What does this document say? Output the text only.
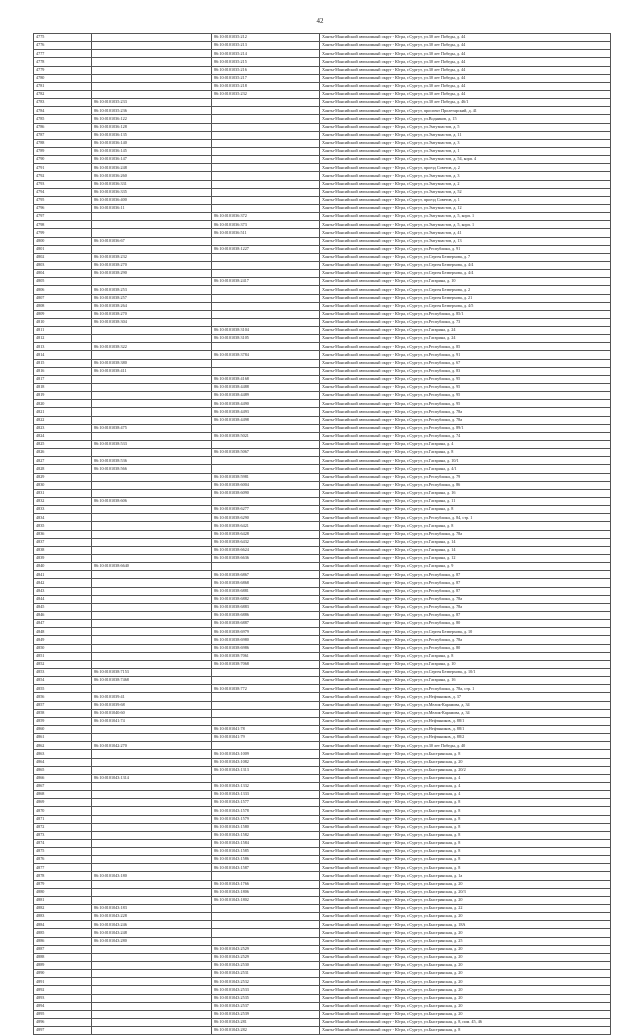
42
4775		86:10:0101035:212	Ханты-Мансийский автономный округ - Югра, г.Сургут, ул.30 лет Победы, д. 44
4776		86:10:0101035:213	Ханты-Мансийский автономный округ - Югра, г.Сургут, ул.30 лет Победы, д. 44
4777		86:10:0101035:214	Ханты-Мансийский автономный округ - Югра, г.Сургут, ул.30 лет Победы, д. 44
4778		86:10:0101035:215	Ханты-Мансийский автономный округ - Югра, г.Сургут, ул.30 лет Победы, д. 44
4779		86:10:0101035:216	Ханты-Мансийский автономный округ - Югра, г.Сургут, ул.30 лет Победы, д. 44
4780		86:10:0101035:217	Ханты-Мансийский автономный округ - Югра, г.Сургут, ул.30 лет Победы, д. 44
4781		86:10:0101035:218	Ханты-Мансийский автономный округ - Югра, г.Сургут, ул.30 лет Победы, д. 44
4782		86:10:0101035:232	Ханты-Мансийский автономный округ - Югра, г.Сургут, ул.30 лет Победы, д. 44
4783	86:10:0101035:233		Ханты-Мансийский автономный округ - Югра, г.Сургут, ул.30 лет Победы, д. 46/1
4784	86:10:0101035:236		Ханты-Мансийский автономный округ - Югра, г.Сургут, проспект Пролетарский, д. 41
4785	86:10:0101036:122		Ханты-Мансийский автономный округ - Югра, г.Сургут, ул.Водников, д. 15
4786	86:10:0101036:128		Ханты-Мансийский автономный округ - Югра, г.Сургут, ул.Энтузиастов, д. 5
4787	86:10:0101036:135		Ханты-Мансийский автономный округ - Югра, г.Сургут, ул.Энтузиастов, д. 11
4788	86:10:0101036:140		Ханты-Мансийский автономный округ - Югра, г.Сургут, ул.Энтузиастов, д. 3
4789	86:10:0101036:145		Ханты-Мансийский автономный округ - Югра, г.Сургут, ул.Энтузиастов, д. 1
4790	86:10:0101036:147		Ханты-Мансийский автономный округ - Югра, г.Сургут, ул.Энтузиастов, д. 54, корп. 4
4791	86:10:0101036:248		Ханты-Мансийский автономный округ - Югра, г.Сургут, проезд Советов, д. 2
4792	86:10:0101036:260		Ханты-Мансийский автономный округ - Югра, г.Сургут, ул.Энтузиастов, д. 3
4793	86:10:0101036:331		Ханты-Мансийский автономный округ - Югра, г.Сургут, ул.Энтузиастов, д. 2
4794	86:10:0101036:335		Ханты-Мансийский автономный округ - Югра, г.Сургут, ул.Энтузиастов, д. 52
4795	86:10:0101036:400		Ханты-Мансийский автономный округ - Югра, г.Сургут, проезд Советов, д. 1
4796	86:10:0101036:11		Ханты-Мансийский автономный округ - Югра, г.Сургут, ул.Энтузиастов, д. 12
4797		86:10:0101036:372	Ханты-Мансийский автономный округ - Югра, г.Сургут, ул.Энтузиастов, д. 5, корп. 1
4798		86:10:0101036:373	Ханты-Мансийский автономный округ - Югра, г.Сургут, ул.Энтузиастов, д. 5, корп. 1
4799		86:10:0101036:511	Ханты-Мансийский автономный округ - Югра, г.Сургут, ул.Энтузиастов, д. 41
4800	86:10:0101036:67		Ханты-Мансийский автономный округ - Югра, г.Сургут, ул.Энтузиастов, д. 13
4801		86:10:0101038:1227	Ханты-Мансийский автономный округ - Югра, г.Сургут, ул.Республики, д. 91
4802	86:10:0101038:232		Ханты-Мансийский автономный округ - Югра, г.Сургут, ул.Сергея Безверхова, д. 7
4803	86:10:0101038:270		Ханты-Мансийский автономный округ - Югра, г.Сургут, ул.Сергея Безверхова, д. 4/4
4804	86:10:0101038:290		Ханты-Мансийский автономный округ - Югра, г.Сургут, ул.Сергея Безверхова, д. 4/4
4805		86:10:0101038:2417	Ханты-Мансийский автономный округ - Югра, г.Сургут, ул.Гагарина, д. 10
4806	86:10:0101038:253		Ханты-Мансийский автономный округ - Югра, г.Сургут, ул.Сергея Безверхова, д. 2
4807	86:10:0101038:257		Ханты-Мансийский автономный округ - Югра, г.Сургут, ул.Сергея Безверхова, д. 21
4808	86:10:0101038:264		Ханты-Мансийский автономный округ - Югра, г.Сургут, ул.Сергея Безверхова, д. 4/5
4809	86:10:0101038:270		Ханты-Мансийский автономный округ - Югра, г.Сургут, ул.Республики, д. 85/1
4810	86:10:0101038:304		Ханты-Мансийский автономный округ - Югра, г.Сургут, ул.Республики, д. 73
4811		86:10:0101038:3104	Ханты-Мансийский автономный округ - Югра, г.Сургут, ул.Гагарина, д. 24
4812		86:10:0101038:3105	Ханты-Мансийский автономный округ - Югра, г.Сургут, ул.Гагарина, д. 24
4813	86:10:0101038:322		Ханты-Мансийский автономный округ - Югра, г.Сургут, ул.Республики, д. 85
4814		86:10:0101038:3784	Ханты-Мансийский автономный округ - Югра, г.Сургут, ул.Республики, д. 91
4815	86:10:0101038:380		Ханты-Мансийский автономный округ - Югра, г.Сургут, ул.Республики, д. 67
4816	86:10:0101038:411		Ханты-Мансийский автономный округ - Югра, г.Сургут, ул.Республики, д. 83
4817		86:10:0101038:4168	Ханты-Мансийский автономный округ - Югра, г.Сургут, ул.Республики, д. 95
4818		86:10:0101038:4488	Ханты-Мансийский автономный округ - Югра, г.Сургут, ул.Республики, д. 95
4819		86:10:0101038:4489	Ханты-Мансийский автономный округ - Югра, г.Сургут, ул.Республики, д. 95
4820		86:10:0101038:4490	Ханты-Мансийский автономный округ - Югра, г.Сургут, ул.Республики, д. 95
4821		86:10:0101038:4493	Ханты-Мансийский автономный округ - Югра, г.Сургут, ул.Республики, д. 78а
4822		86:10:0101038:4498	Ханты-Мансийский автономный округ - Югра, г.Сургут, ул.Республики, д. 78а
4823	86:10:0101038:475		Ханты-Мансийский автономный округ - Югра, г.Сургут, ул.Республики, д. 89/1
4824		86:10:0101038:5021	Ханты-Мансийский автономный округ - Югра, г.Сургут, ул.Республики, д. 74
4825	86:10:0101038:533		Ханты-Мансийский автономный округ - Югра, г.Сургут, ул.Гагарина, д. 4
4826		86:10:0101038:5067	Ханты-Мансийский автономный округ - Югра, г.Сургут, ул.Гагарина, д. 8
4827	86:10:0101038:536		Ханты-Мансийский автономный округ - Югра, г.Сургут, ул.Гагарина, д. 10/1
4828	86:10:0101038:566		Ханты-Мансийский автономный округ - Югра, г.Сургут, ул.Гагарина, д. 4/1
4829		86:10:0101038:5981	Ханты-Мансийский автономный округ - Югра, г.Сургут, ул.Республики, д. 79
4830		86:10:0101038:6004	Ханты-Мансийский автономный округ - Югра, г.Сургут, ул.Республики, д. 86
4831		86:10:0101038:6090	Ханты-Мансийский автономный округ - Югра, г.Сургут, ул.Гагарина, д. 16
4832	86:10:0101038:606		Ханты-Мансийский автономный округ - Югра, г.Сургут, ул.Гагарина, д. 11
4833		86:10:0101038:6277	Ханты-Мансийский автономный округ - Югра, г.Сургут, ул.Гагарина, д. 8
4834		86:10:0101038:6290	Ханты-Мансийский автономный округ - Югра, г.Сургут, ул.Республики, д. 84, стр. 1
4835		86:10:0101038:6421	Ханты-Мансийский автономный округ - Югра, г.Сургут, ул.Гагарина, д. 8
4836		86:10:0101038:6428	Ханты-Мансийский автономный округ - Югра, г.Сургут, ул.Республики, д. 78а
4837		86:10:0101038:6432	Ханты-Мансийский автономный округ - Югра, г.Сургут, ул.Гагарина, д. 14
4838		86:10:0101038:6624	Ханты-Мансийский автономный округ - Югра, г.Сургут, ул.Гагарина, д. 14
4839		86:10:0101038:6636	Ханты-Мансийский автономный округ - Югра, г.Сургут, ул.Гагарина, д. 12
4840	86:10:0101038:6640		Ханты-Мансийский автономный округ - Югра, г.Сургут, ул.Гагарина, д. 9
4841		86:10:0101038:6867	Ханты-Мансийский автономный округ - Югра, г.Сургут, ул.Республики, д. 87
4842		86:10:0101038:6868	Ханты-Мансийский автономный округ - Югра, г.Сургут, ул.Республики, д. 87
4843		86:10:0101038:6881	Ханты-Мансийский автономный округ - Югра, г.Сургут, ул.Республики, д. 87
4844		86:10:0101038:6882	Ханты-Мансийский автономный округ - Югра, г.Сургут, ул.Республики, д. 78а
4845		86:10:0101038:6883	Ханты-Мансийский автономный округ - Югра, г.Сургут, ул.Республики, д. 78а
4846		86:10:0101038:6886	Ханты-Мансийский автономный округ - Югра, г.Сургут, ул.Республики, д. 87
4847		86:10:0101038:6887	Ханты-Мансийский автономный округ - Югра, г.Сургут, ул.Республики, д. 80
4848		86:10:0101038:6979	Ханты-Мансийский автономный округ - Югра, г.Сургут, ул.Сергея Безверхова, д. 10
4849		86:10:0101038:6980	Ханты-Мансийский автономный округ - Югра, г.Сургут, ул.Республики, д. 78а
4850		86:10:0101038:6986	Ханты-Мансийский автономный округ - Югра, г.Сургут, ул.Республики, д. 80
4851		86:10:0101038:7061	Ханты-Мансийский автономный округ - Югра, г.Сургут, ул.Гагарина, д. 8
4852		86:10:0101038:7068	Ханты-Мансийский автономный округ - Югра, г.Сургут, ул.Гагарина, д. 10
4853	86:10:0101038:7153		Ханты-Мансийский автономный округ - Югра, г.Сургут, ул.Сергея Безверхова, д. 10/1
4854	86:10:0101038:7468		Ханты-Мансийский автономный округ - Югра, г.Сургут, ул.Гагарина, д. 16
4855		86:10:0101038:772	Ханты-Мансийский автономный округ - Югра, г.Сургут, ул.Республики, д. 78а, стр. 1
4856	86:10:0101039:41		Ханты-Мансийский автономный округ - Югра, г.Сургут, ул.Нефтяников, д. 37
4857	86:10:0101039:68		Ханты-Мансийский автономный округ - Югра, г.Сургут, ул.Мелик-Карамова, д. 34
4858	86:10:0101040:60		Ханты-Мансийский автономный округ - Югра, г.Сургут, ул.Мелик-Карамова, д. 34
4859	86:10:0101041:74		Ханты-Мансийский автономный округ - Югра, г.Сургут, ул.Нефтяников, д. 88/1
4860		86:10:0101041:78	Ханты-Мансийский автономный округ - Югра, г.Сургут, ул.Нефтяников, д. 88/1
4861		86:10:0101041:79	Ханты-Мансийский автономный округ - Югра, г.Сургут, ул.Нефтяников, д. 88/2
4862	86:10:0101042:270		Ханты-Мансийский автономный округ - Югра, г.Сургут, ул.30 лет Победы, д. 40
4863		86:10:0101043:1009	Ханты-Мансийский автономный округ - Югра, г.Сургут, ул.Быстринская, д. 8
4864		86:10:0101043:1082	Ханты-Мансийский автономный округ - Югра, г.Сургут, ул.Быстринская, д. 20
4865		86:10:0101043:1313	Ханты-Мансийский автономный округ - Югра, г.Сургут, ул.Быстринская, д. 20/2
4866	86:10:0101043:1314		Ханты-Мансийский автономный округ - Югра, г.Сургут, ул.Быстринская, д. 4
4867		86:10:0101043:1332	Ханты-Мансийский автономный округ - Югра, г.Сургут, ул.Быстринская, д. 4
4868		86:10:0101043:1333	Ханты-Мансийский автономный округ - Югра, г.Сургут, ул.Быстринская, д. 4
4869		86:10:0101043:1577	Ханты-Мансийский автономный округ - Югра, г.Сургут, ул.Быстринская, д. 8
4870		86:10:0101043:1578	Ханты-Мансийский автономный округ - Югра, г.Сургут, ул.Быстринская, д. 8
4871		86:10:0101043:1579	Ханты-Мансийский автономный округ - Югра, г.Сургут, ул.Быстринская, д. 8
4872		86:10:0101043:1580	Ханты-Мансийский автономный округ - Югра, г.Сургут, ул.Быстринская, д. 8
4873		86:10:0101043:1582	Ханты-Мансийский автономный округ - Югра, г.Сургут, ул.Быстринская, д. 8
4874		86:10:0101043:1584	Ханты-Мансийский автономный округ - Югра, г.Сургут, ул.Быстринская, д. 8
4875		86:10:0101043:1585	Ханты-Мансийский автономный округ - Югра, г.Сургут, ул.Быстринская, д. 8
4876		86:10:0101043:1586	Ханты-Мансийский автономный округ - Югра, г.Сургут, ул.Быстринская, д. 8
4877		86:10:0101043:1587	Ханты-Мансийский автономный округ - Югра, г.Сургут, ул.Быстринская, д. 8
4878	86:10:0101043:180		Ханты-Мансийский автономный округ - Югра, г.Сургут, ул.Быстринская, д. 1а
4879		86:10:0101043:1766	Ханты-Мансийский автономный округ - Югра, г.Сургут, ул.Быстринская, д. 20
4880		86:10:0101043:1806	Ханты-Мансийский автономный округ - Югра, г.Сургут, ул.Быстринская, д. 20/3
4881		86:10:0101043:1802	Ханты-Мансийский автономный округ - Югра, г.Сургут, ул.Быстринская, д. 20
4882	86:10:0101043:183		Ханты-Мансийский автономный округ - Югра, г.Сургут, ул.Быстринская, д. 22
4883	86:10:0101043:228		Ханты-Мансийский автономный округ - Югра, г.Сургут, ул.Быстринская, д. 20
4884	86:10:0101043:246		Ханты-Мансийский автономный округ - Югра, г.Сургут, ул.Быстринская, д. 18А
4885	86:10:0101043:248		Ханты-Мансийский автономный округ - Югра, г.Сургут, ул.Быстринская, д. 20
4886	86:10:0101043:280		Ханты-Мансийский автономный округ - Югра, г.Сургут, ул.Быстринская, д. 25
4887		86:10:0101043:2529	Ханты-Мансийский автономный округ - Югра, г.Сургут, ул.Быстринская, д. 20
4888		86:10:0101043:2529	Ханты-Мансийский автономный округ - Югра, г.Сургут, ул.Быстринская, д. 20
4889		86:10:0101043:2530	Ханты-Мансийский автономный округ - Югра, г.Сургут, ул.Быстринская, д. 20
4890		86:10:0101043:2531	Ханты-Мансийский автономный округ - Югра, г.Сургут, ул.Быстринская, д. 20
4891		86:10:0101043:2532	Ханты-Мансийский автономный округ - Югра, г.Сургут, ул.Быстринская, д. 20
4892		86:10:0101043:2533	Ханты-Мансийский автономный округ - Югра, г.Сургут, ул.Быстринская, д. 20
4893		86:10:0101043:2535	Ханты-Мансийский автономный округ - Югра, г.Сургут, ул.Быстринская, д. 20
4894		86:10:0101043:2537	Ханты-Мансийский автономный округ - Югра, г.Сургут, ул.Быстринская, д. 20
4895		86:10:0101043:2539	Ханты-Мансийский автономный округ - Югра, г.Сургут, ул.Быстринская, д. 20
4896		86:10:0101043:281	Ханты-Мансийский автономный округ - Югра, г.Сургут, ул.Быстринская, д. 8, пом. 45, 46
4897		86:10:0101043:282	Ханты-Мансийский автономный округ - Югра, г.Сургут, ул.Быстринская, д. 8
